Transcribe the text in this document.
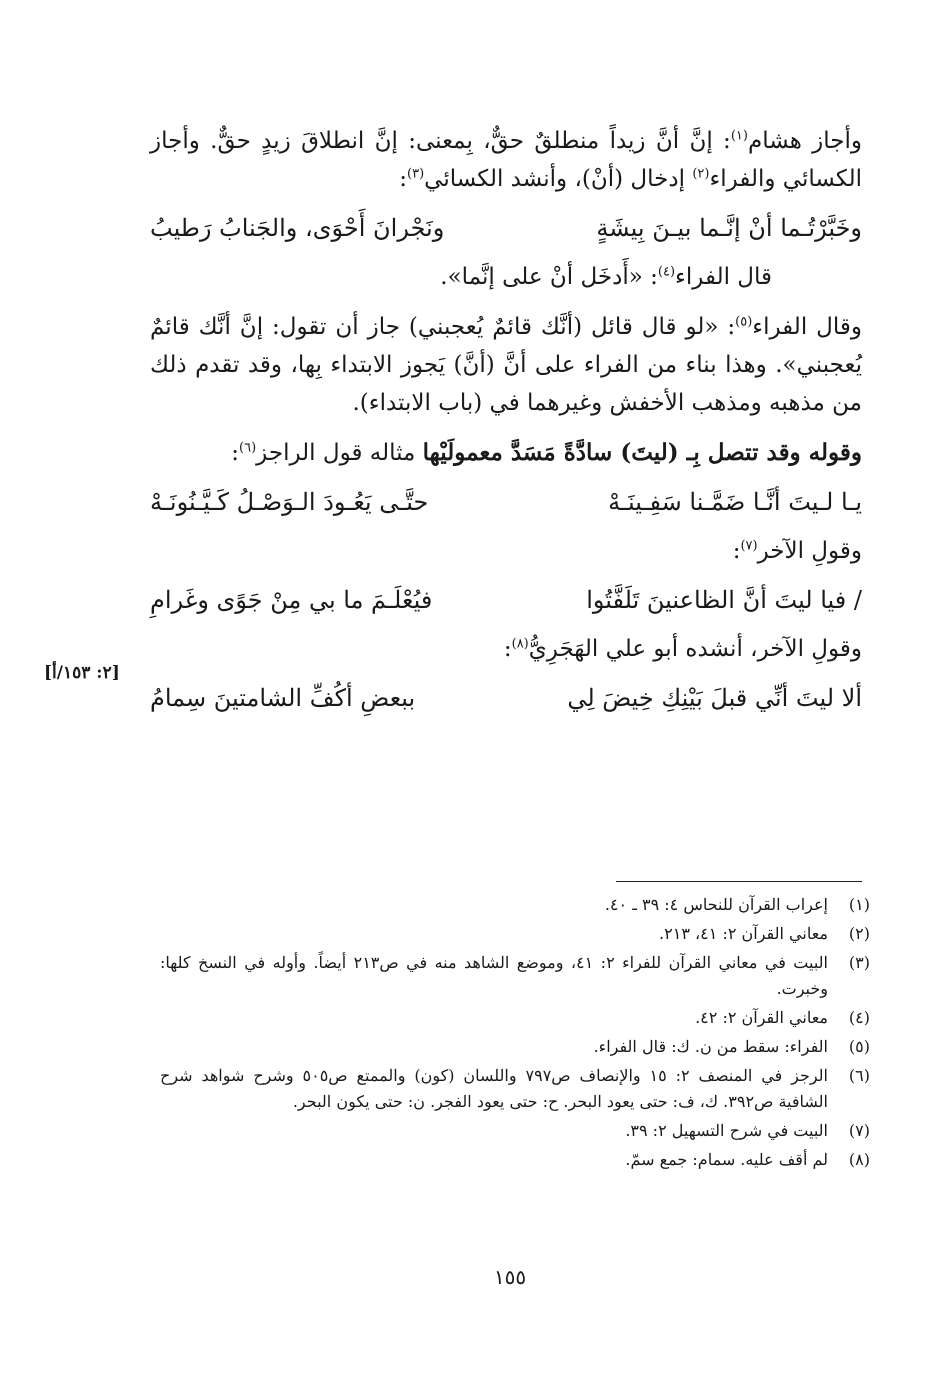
وأجاز هشام$^{(١)}$: إنَّ أنَّ زيداً منطلقٌ حقٌّ، بِمعنى: إنَّ انطلاقَ زيدٍ حقٌّ. وأجاز الكسائي والفراء$^{(٢)}$ إدخال (أنْ)، وأنشد الكسائي$^{(٣)}$:

وخَبَّرْتُـما أنْ إنَّـما بيـنَ بِيشَةٍ
ونَجْرانَ أَحْوَى، والجَنابُ رَطيبُ

قال الفراء$^{(٤)}$: «أَدخَل أنْ على إنَّما».

وقال الفراء$^{(٥)}$: «لو قال قائل (أنَّك قائمٌ يُعجبني) جاز أن تقول: إنَّ أنَّك قائمٌ يُعجبني». وهذا بناء من الفراء على أنَّ (أنَّ) يَجوز الابتداء بِها، وقد تقدم ذلك من مذهبه ومذهب الأخفش وغيرهما في (باب الابتداء).

وقوله وقد تتصل بِـ (ليتَ) سادَّةً مَسَدَّ معمولَيْها مثاله قول الراجز$^{(٦)}$:

يـا لـيتَ أنَّـا ضَمَّـنا سَفِـينَـهْ
حتَّـى يَعُـودَ الـوَصْـلُ كَـيَّـنُونَـهْ

وقولِ الآخر$^{(٧)}$:

/ فيا ليتَ أنَّ الظاعنينَ تَلَفَّتُوا
فيُعْلَـمَ ما بي مِنْ جَوًى وغَرامِ

وقولِ الآخر، أنشده أبو علي الهَجَرِيُّ$^{(٨)}$:

ألا ليتَ أنِّي قبلَ بَيْنِكِ خِيضَ لِي
ببعضِ أكُفِّ الشامتينَ سِمامُ
[٢: ١٥٣/أ]
(١)
إعراب القرآن للنحاس ٤: ٣٩ ـ ٤٠.
(٢)
معاني القرآن ٢: ٤١، ٢١٣.
(٣)
البيت في معاني القرآن للفراء ٢: ٤١، وموضع الشاهد منه في ص٢١٣ أيضاً. وأوله في النسخ كلها: وخبرت.
(٤)
معاني القرآن ٢: ٤٢.
(٥)
الفراء: سقط من ن. ك: قال الفراء.
(٦)
الرجز في المنصف ٢: ١٥ والإنصاف ص٧٩٧ واللسان (كون) والممتع ص٥٠٥ وشرح شواهد شرح الشافية ص٣٩٢. ك، ف: حتى يعود البحر. ح: حتى يعود الفجر. ن: حتى يكون البحر.
(٧)
البيت في شرح التسهيل ٢: ٣٩.
(٨)
لم أقف عليه. سمام: جمع سمّ.
١٥٥
